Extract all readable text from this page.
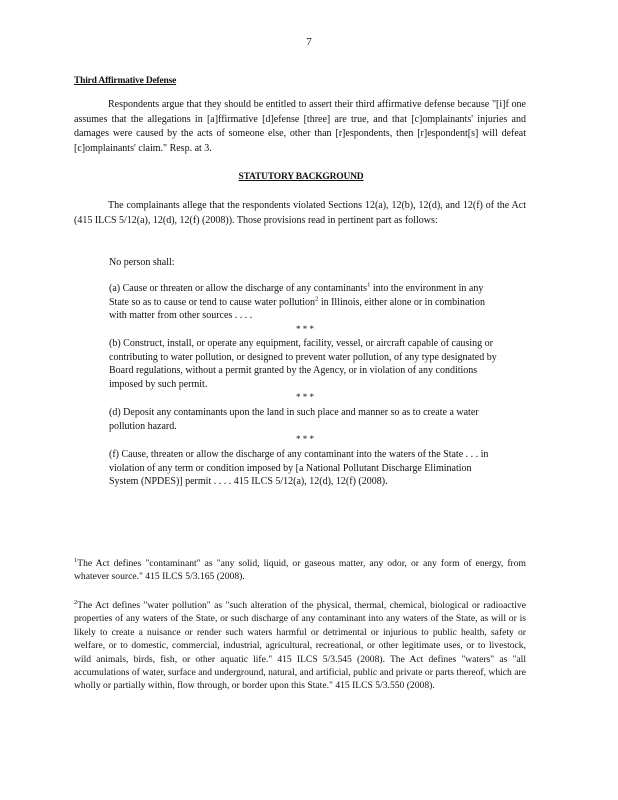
7
Third Affirmative Defense
Respondents argue that they should be entitled to assert their third affirmative defense because "[i]f one assumes that the allegations in [a]ffirmative [d]efense [three] are true, and that [c]omplainants' injuries and damages were caused by the acts of someone else, other than [r]espondents, then [r]espondent[s] will defeat [c]omplainants' claim." Resp. at 3.
STATUTORY BACKGROUND
The complainants allege that the respondents violated Sections 12(a), 12(b), 12(d), and 12(f) of the Act (415 ILCS 5/12(a), 12(d), 12(f) (2008)). Those provisions read in pertinent part as follows:
No person shall:
(a) Cause or threaten or allow the discharge of any contaminants$^1$ into the environment in any State so as to cause or tend to cause water pollution$^2$ in Illinois, either alone or in combination with matter from other sources . . . .
* * *
(b) Construct, install, or operate any equipment, facility, vessel, or aircraft capable of causing or contributing to water pollution, or designed to prevent water pollution, of any type designated by Board regulations, without a permit granted by the Agency, or in violation of any conditions imposed by such permit.
* * *
(d) Deposit any contaminants upon the land in such place and manner so as to create a water pollution hazard.
* * *
(f) Cause, threaten or allow the discharge of any contaminant into the waters of the State . . . in violation of any term or condition imposed by [a National Pollutant Discharge Elimination System (NPDES)] permit . . . . 415 ILCS 5/12(a), 12(d), 12(f) (2008).
$^1$The Act defines "contaminant" as "any solid, liquid, or gaseous matter, any odor, or any form of energy, from whatever source." 415 ILCS 5/3.165 (2008).
$^2$The Act defines "water pollution" as "such alteration of the physical, thermal, chemical, biological or radioactive properties of any waters of the State, or such discharge of any contaminant into any waters of the State, as will or is likely to create a nuisance or render such waters harmful or detrimental or injurious to public health, safety or welfare, or to domestic, commercial, industrial, agricultural, recreational, or other legitimate uses, or to livestock, wild animals, birds, fish, or other aquatic life." 415 ILCS 5/3.545 (2008). The Act defines "waters" as "all accumulations of water, surface and underground, natural, and artificial, public and private or parts thereof, which are wholly or partially within, flow through, or border upon this State." 415 ILCS 5/3.550 (2008).
